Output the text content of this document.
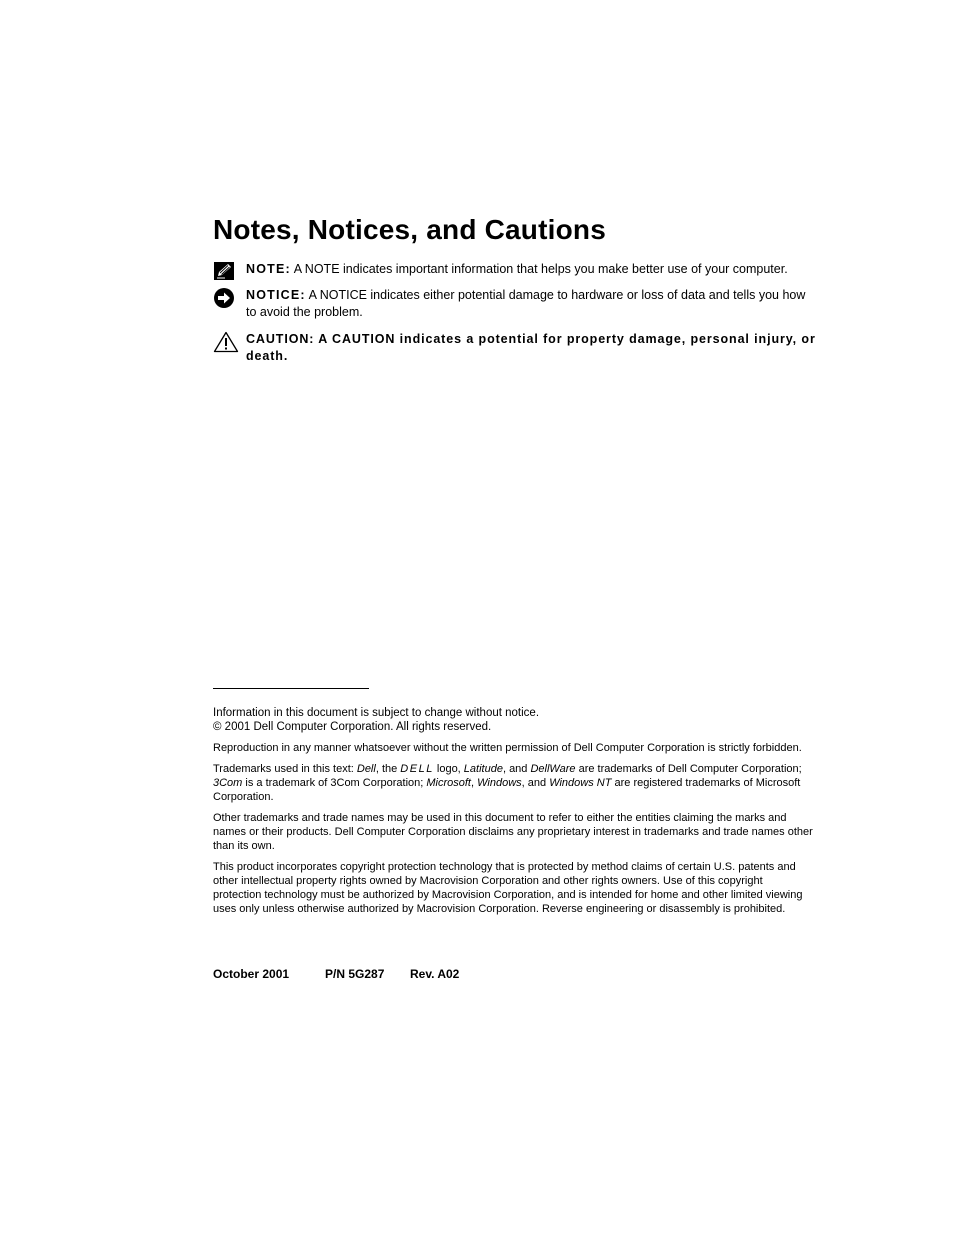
Notes, Notices, and Cautions
NOTE: A NOTE indicates important information that helps you make better use of your computer.
NOTICE: A NOTICE indicates either potential damage to hardware or loss of data and tells you how to avoid the problem.
CAUTION: A CAUTION indicates a potential for property damage, personal injury, or death.

Information in this document is subject to change without notice.
© 2001 Dell Computer Corporation. All rights reserved.

Reproduction in any manner whatsoever without the written permission of Dell Computer Corporation is strictly forbidden.

Trademarks used in this text: Dell, the DELL logo, Latitude, and DellWare are trademarks of Dell Computer Corporation; 3Com is a trademark of 3Com Corporation; Microsoft, Windows, and Windows NT are registered trademarks of Microsoft Corporation.

Other trademarks and trade names may be used in this document to refer to either the entities claiming the marks and names or their products. Dell Computer Corporation disclaims any proprietary interest in trademarks and trade names other than its own.

This product incorporates copyright protection technology that is protected by method claims of certain U.S. patents and other intellectual property rights owned by Macrovision Corporation and other rights owners. Use of this copyright protection technology must be authorized by Macrovision Corporation, and is intended for home and other limited viewing uses only unless otherwise authorized by Macrovision Corporation. Reverse engineering or disassembly is prohibited.

October 2001	P/N 5G287 Rev. A02
